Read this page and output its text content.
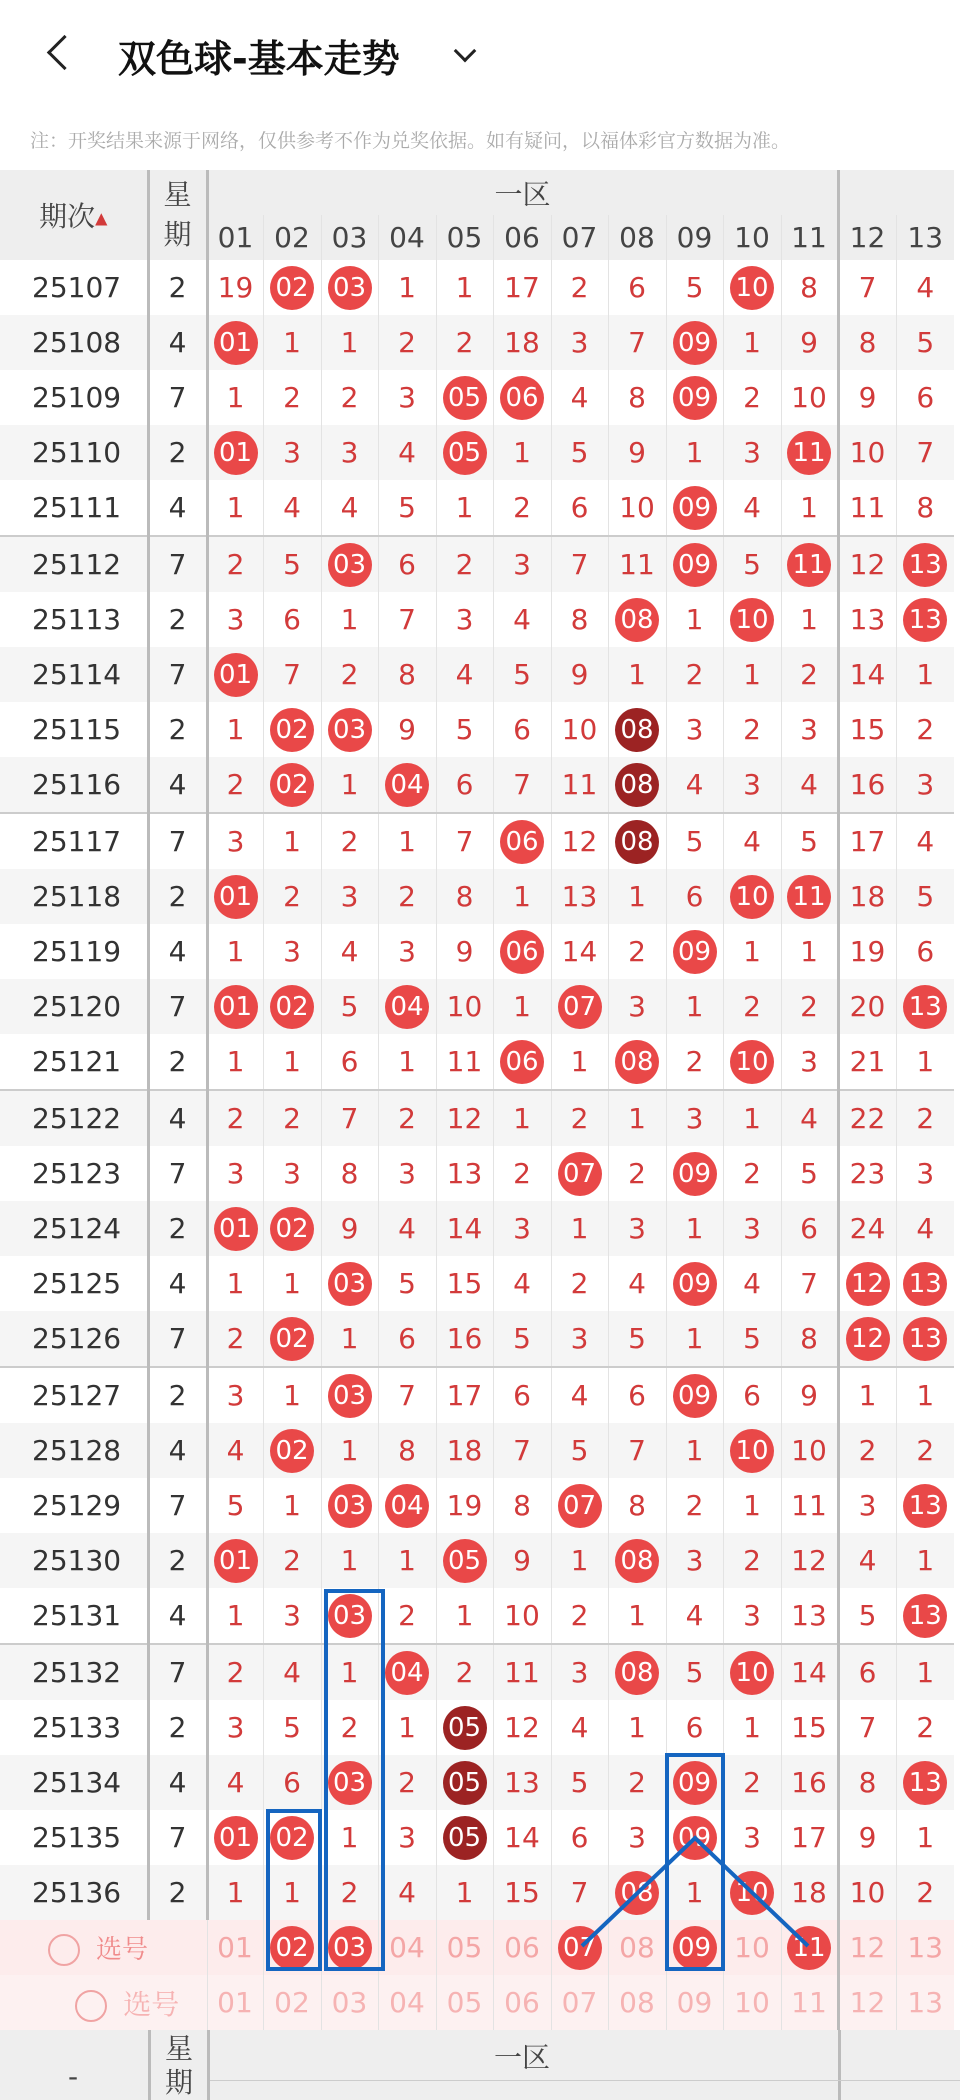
双色球-基本走势
注：开奖结果来源于网络，仅供参考不作为兑奖依据。如有疑问，以福体彩官方数据为准。
期次▲	星期	一区												
		01	02	03	04	05	06	07	08	09	10	11	12	13
25107	2	19	02	03	1	1	17	2	6	5	10	8	7	4
25108	4	01	1	1	2	2	18	3	7	09	1	9	8	5
25109	7	1	2	2	3	05	06	4	8	09	2	10	9	6
25110	2	01	3	3	4	05	1	5	9	1	3	11	10	7
25111	4	1	4	4	5	1	2	6	10	09	4	1	11	8
25112	7	2	5	03	6	2	3	7	11	09	5	11	12	13
25113	2	3	6	1	7	3	4	8	08	1	10	1	13	13
25114	7	01	7	2	8	4	5	9	1	2	1	2	14	1
25115	2	1	02	03	9	5	6	10	08	3	2	3	15	2
25116	4	2	02	1	04	6	7	11	08	4	3	4	16	3
25117	7	3	1	2	1	7	06	12	08	5	4	5	17	4
25118	2	01	2	3	2	8	1	13	1	6	10	11	18	5
25119	4	1	3	4	3	9	06	14	2	09	1	1	19	6
25120	7	01	02	5	04	10	1	07	3	1	2	2	20	13
25121	2	1	1	6	1	11	06	1	08	2	10	3	21	1
25122	4	2	2	7	2	12	1	2	1	3	1	4	22	2
25123	7	3	3	8	3	13	2	07	2	09	2	5	23	3
25124	2	01	02	9	4	14	3	1	3	1	3	6	24	4
25125	4	1	1	03	5	15	4	2	4	09	4	7	12	13
25126	7	2	02	1	6	16	5	3	5	1	5	8	12	13
25127	2	3	1	03	7	17	6	4	6	09	6	9	1	1
25128	4	4	02	1	8	18	7	5	7	1	10	10	2	2
25129	7	5	1	03	04	19	8	07	8	2	1	11	3	13
25130	2	01	2	1	1	05	9	1	08	3	2	12	4	1
25131	4	1	3	03	2	1	10	2	1	4	3	13	5	13
25132	7	2	4	1	04	2	11	3	08	5	10	14	6	1
25133	2	3	5	2	1	05	12	4	1	6	1	15	7	2
25134	4	4	6	03	2	05	13	5	2	09	2	16	8	13
25135	7	01	02	1	3	05	14	6	3	09	3	17	9	1
25136	2	1	1	2	4	1	15	7	08	1	10	18	10	2
选号		01	02	03	04	05	06	07	08	09	10	11	12	13
选号		01	02	03	04	05	06	07	08	09	10	11	12	13
-
星期
一区
